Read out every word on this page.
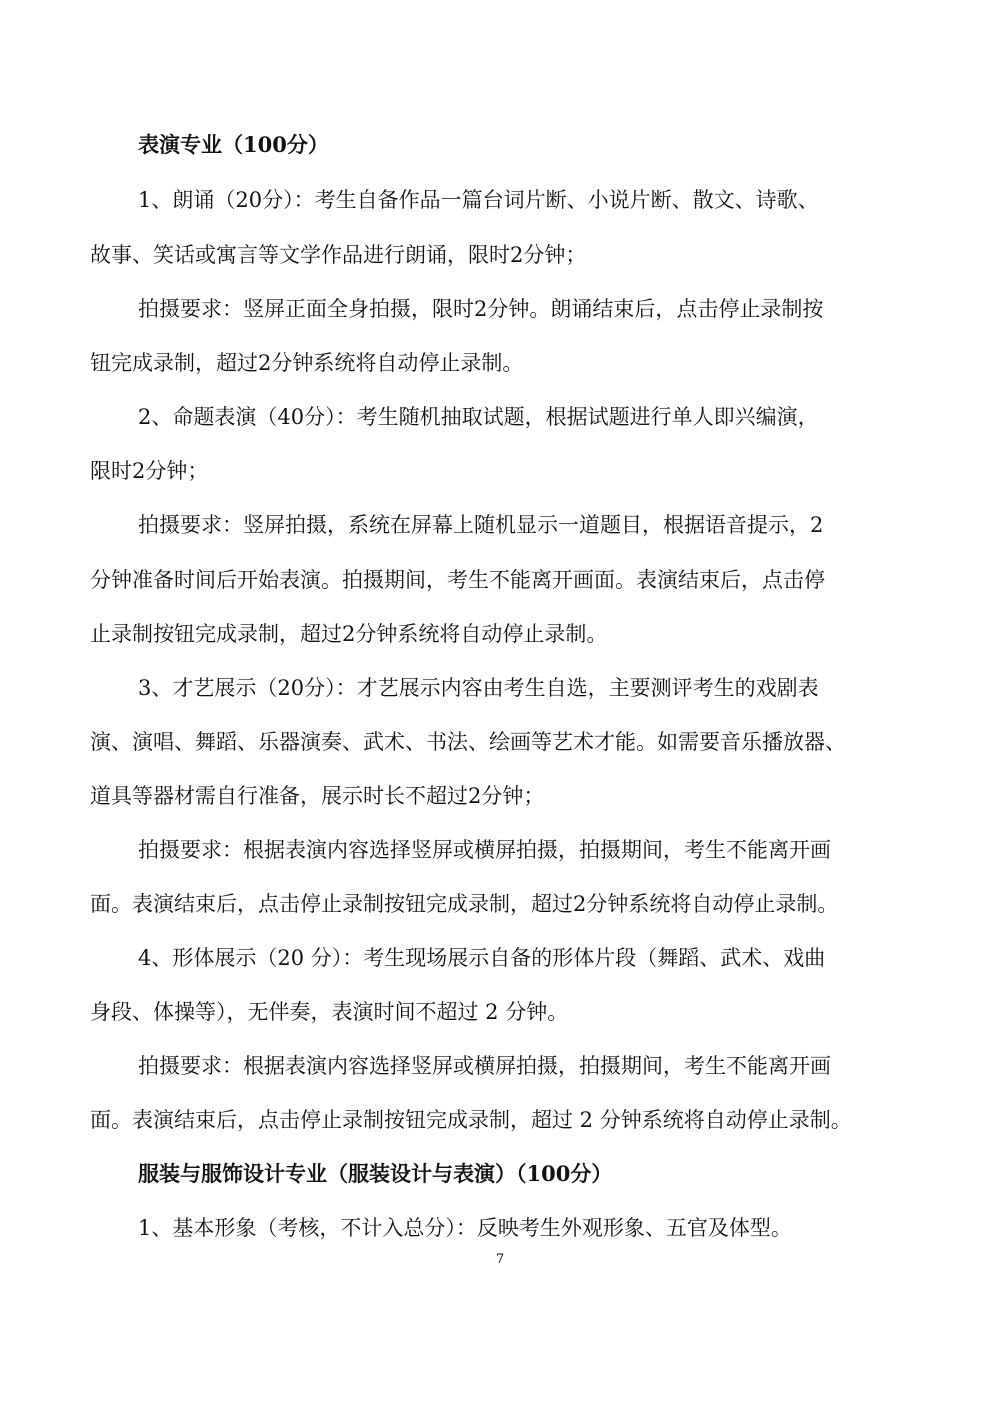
表演专业（100分）
1、朗诵（20分）：考生自备作品一篇台词片断、小说片断、散文、诗歌、
故事、笑话或寓言等文学作品进行朗诵，限时2分钟；
拍摄要求：竖屏正面全身拍摄，限时2分钟。朗诵结束后，点击停止录制按
钮完成录制，超过2分钟系统将自动停止录制。
2、命题表演（40分）：考生随机抽取试题，根据试题进行单人即兴编演，
限时2分钟；
拍摄要求：竖屏拍摄，系统在屏幕上随机显示一道题目，根据语音提示，2
分钟准备时间后开始表演。拍摄期间，考生不能离开画面。表演结束后，点击停
止录制按钮完成录制，超过2分钟系统将自动停止录制。
3、才艺展示（20分）：才艺展示内容由考生自选，主要测评考生的戏剧表
演、演唱、舞蹈、乐器演奏、武术、书法、绘画等艺术才能。如需要音乐播放器、
道具等器材需自行准备，展示时长不超过2分钟；
拍摄要求：根据表演内容选择竖屏或横屏拍摄，拍摄期间，考生不能离开画
面。表演结束后，点击停止录制按钮完成录制，超过2分钟系统将自动停止录制。
4、形体展示（20 分）：考生现场展示自备的形体片段（舞蹈、武术、戏曲
身段、体操等），无伴奏，表演时间不超过 2 分钟。
拍摄要求：根据表演内容选择竖屏或横屏拍摄，拍摄期间，考生不能离开画
面。表演结束后，点击停止录制按钮完成录制，超过 2 分钟系统将自动停止录制。
服装与服饰设计专业（服装设计与表演）（100分）
1、基本形象（考核，不计入总分）：反映考生外观形象、五官及体型。
7
